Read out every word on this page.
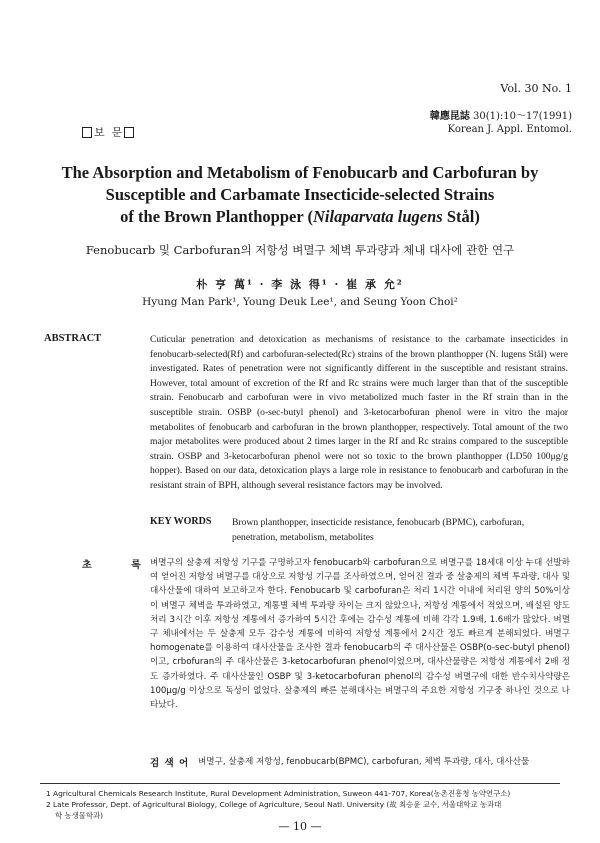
Vol. 30 No. 1
韓應昆誌 30(1):10～17(1991)
Korean J. Appl. Entomol.
보  문
The Absorption and Metabolism of Fenobucarb and Carbofuran by
Susceptible and Carbamate Insecticide-selected Strains
of the Brown Planthopper (Nilaparvata lugens Stål)
Fenobucarb 및 Carbofuran의 저항성 벼멸구 체벽 투과량과 체내 대사에 관한 연구
朴 亨 萬¹ · 李 泳 得¹ · 崔 承 允²
Hyung Man Park¹, Young Deuk Lee¹, and Seung Yoon Choi²
ABSTRACT	Cuticular penetration and detoxication as mechanisms of resistance to the carbamate insecticides in fenobucarb-selected(Rf) and carbofuran-selected(Rc) strains of the brown planthopper (N. lugens Stål) were investigated. Rates of penetration were not significantly different in the susceptible and resistant strains. However, total amount of excretion of the Rf and Rc strains were much larger than that of the susceptible strain. Fenobucarb and carbofuran were in vivo metabolized much faster in the Rf strain than in the susceptible strain. OSBP (o-sec-butyl phenol) and 3-ketocarbofuran phenol were in vitro the major metabolites of fenobucarb and carbofuran in the brown planthopper, respectively. Total amount of the two major metabolites were produced about 2 times larger in the Rf and Rc strains compared to the susceptible strain. OSBP and 3-ketocarbofuran phenol were not so toxic to the brown planthopper (LD50 100μg/g hopper). Based on our data, detoxication plays a large role in resistance to fenobucarb and carbofuran in the resistant strain of BPH, although several resistance factors may be involved.
KEY WORDS Brown planthopper, insecticide resistance, fenobucarb (BPMC), carbofuran, penetration, metabolism, metabolites
초 록
벼멸구의 살충제 저항성 기구를 구명하고자 fenobucarb와 carbofuran으로 벼멸구를 18세대 이상 누대 선발하여 얻어진 저항성 벼멸구를 대상으로 저항성 기구를 조사하였으며, 얻어진 결과 중 살충제의 체벽 투과량, 대사 및 대사산물에 대하여 보고하고자 한다. Fenobucarb 및 carbofuran은 처리 1시간 이내에 처리된 양의 50%이상이 벼멸구 체벽을 투과하였고, 계통별 체벽 투과량 차이는 크지 않았으나, 저항성 계통에서 적었으며, 배설된 양도 처리 3시간 이후 저항성 계통에서 증가하여 5시간 후에는 감수성 계통에 비해 각각 1.9배, 1.6배가 많았다. 벼멸구 체내에서는 두 살충제 모두 감수성 계통에 비하여 저항성 계통에서 2시간 정도 빠르게 분해되었다. 벼멸구 homogenate를 이용하여 대사산물을 조사한 결과 fenobucarb의 주 대사산물은 OSBP(o-sec-butyl phenol)이고, crbofuran의 주 대사산물은 3-ketocarbofuran phenol이었으며, 대사산물량은 저항성 계통에서 2배 정도 증가하였다. 주 대사산물인 OSBP 및 3-ketocarbofuran phenol의 감수성 벼멸구에 대한 반수치사약량은 100μg/g 이상으로 독성이 없었다. 살충제의 빠른 분해대사는 벼멸구의 주요한 저항성 기구중 하나인 것으로 나타났다.
검 색 어 벼멸구, 살충제 저항성, fenobucarb(BPMC), carbofuran, 체벽 투과량, 대사, 대사산물
1 Agricultural Chemicals Research Institute, Rural Development Administration, Suweon 441-707, Korea(농촌진흥청 농약연구소)
2 Late Professor, Dept. of Agricultural Biology, College of Agriculture, Seoul Natl. University (故 최승윤 교수, 서울대학교 농과대
학 농생물학과)
— 10 —
